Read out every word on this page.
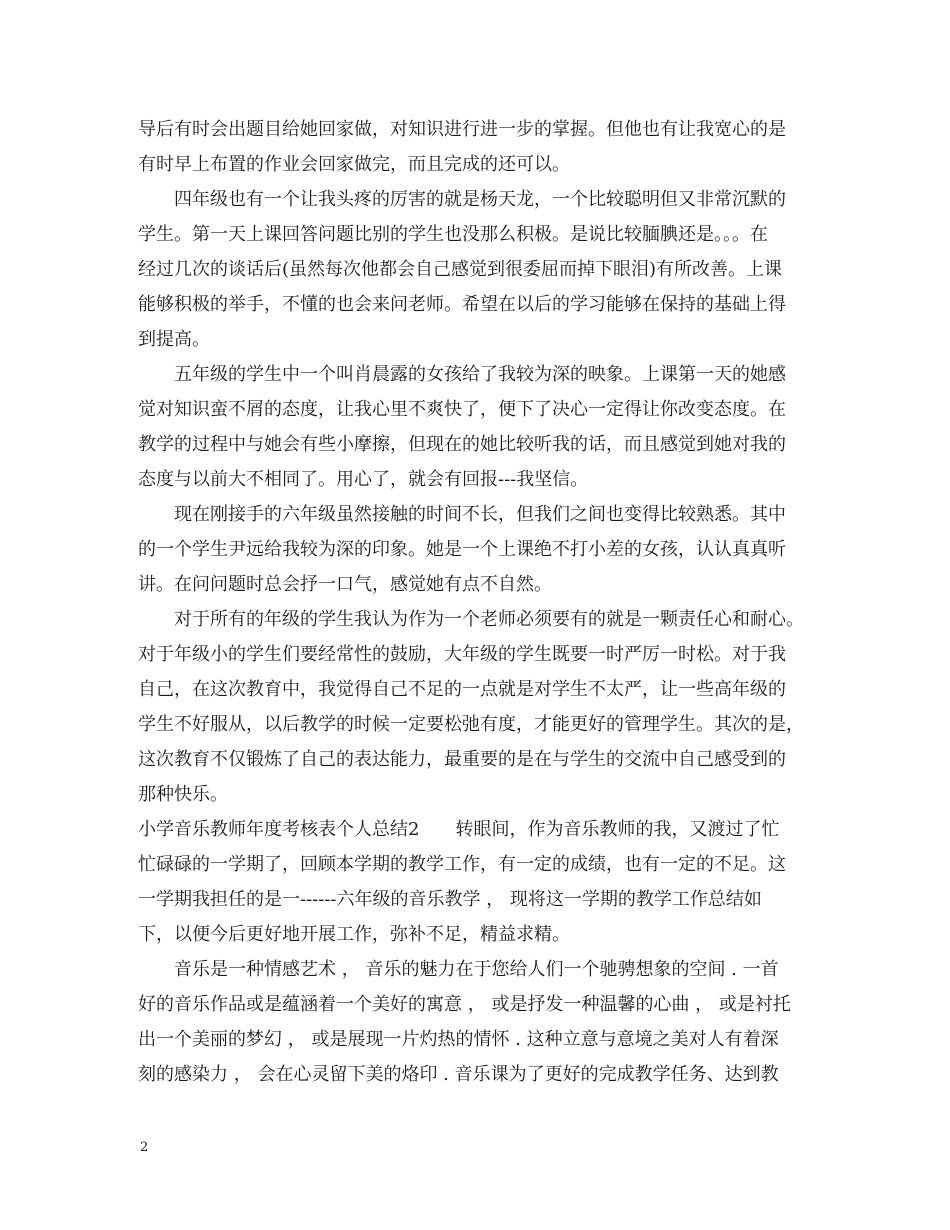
导后有时会出题目给她回家做，对知识进行进一步的掌握。但他也有让我宽心的是
有时早上布置的作业会回家做完，而且完成的还可以。
四年级也有一个让我头疼的厉害的就是杨天龙，一个比较聪明但又非常沉默的
学生。第一天上课回答问题比别的学生也没那么积极。是说比较腼腆还是。。。在
经过几次的谈话后(虽然每次他都会自己感觉到很委屈而掉下眼泪)有所改善。上课
能够积极的举手，不懂的也会来问老师。希望在以后的学习能够在保持的基础上得
到提高。
五年级的学生中一个叫肖晨露的女孩给了我较为深的映象。上课第一天的她感
觉对知识蛮不屑的态度，让我心里不爽快了，便下了决心一定得让你改变态度。在
教学的过程中与她会有些小摩擦，但现在的她比较听我的话，而且感觉到她对我的
态度与以前大不相同了。用心了，就会有回报---我坚信。
现在刚接手的六年级虽然接触的时间不长，但我们之间也变得比较熟悉。其中
的一个学生尹远给我较为深的印象。她是一个上课绝不打小差的女孩，认认真真听
讲。在问问题时总会抒一口气，感觉她有点不自然。
对于所有的年级的学生我认为作为一个老师必须要有的就是一颗责任心和耐心。
对于年级小的学生们要经常性的鼓励，大年级的学生既要一时严厉一时松。对于我
自己，在这次教育中，我觉得自己不足的一点就是对学生不太严，让一些高年级的
学生不好服从，以后教学的时候一定要松弛有度，才能更好的管理学生。其次的是，
这次教育不仅锻炼了自己的表达能力，最重要的是在与学生的交流中自己感受到的
那种快乐。
小学音乐教师年度考核表个人总结2　　转眼间，作为音乐教师的我，又渡过了忙
忙碌碌的一学期了，回顾本学期的教学工作，有一定的成绩，也有一定的不足。这
一学期我担任的是一------六年级的音乐教学 ， 现将这一学期的教学工作总结如
下，以便今后更好地开展工作，弥补不足，精益求精。
音乐是一种情感艺术 ， 音乐的魅力在于您给人们一个驰骋想象的空间 . 一首
好的音乐作品或是蕴涵着一个美好的寓意 ， 或是抒发一种温馨的心曲 ， 或是衬托
出一个美丽的梦幻 ， 或是展现一片灼热的情怀 . 这种立意与意境之美对人有着深
刻的感染力 ， 会在心灵留下美的烙印 . 音乐课为了更好的完成教学任务、达到教
2
